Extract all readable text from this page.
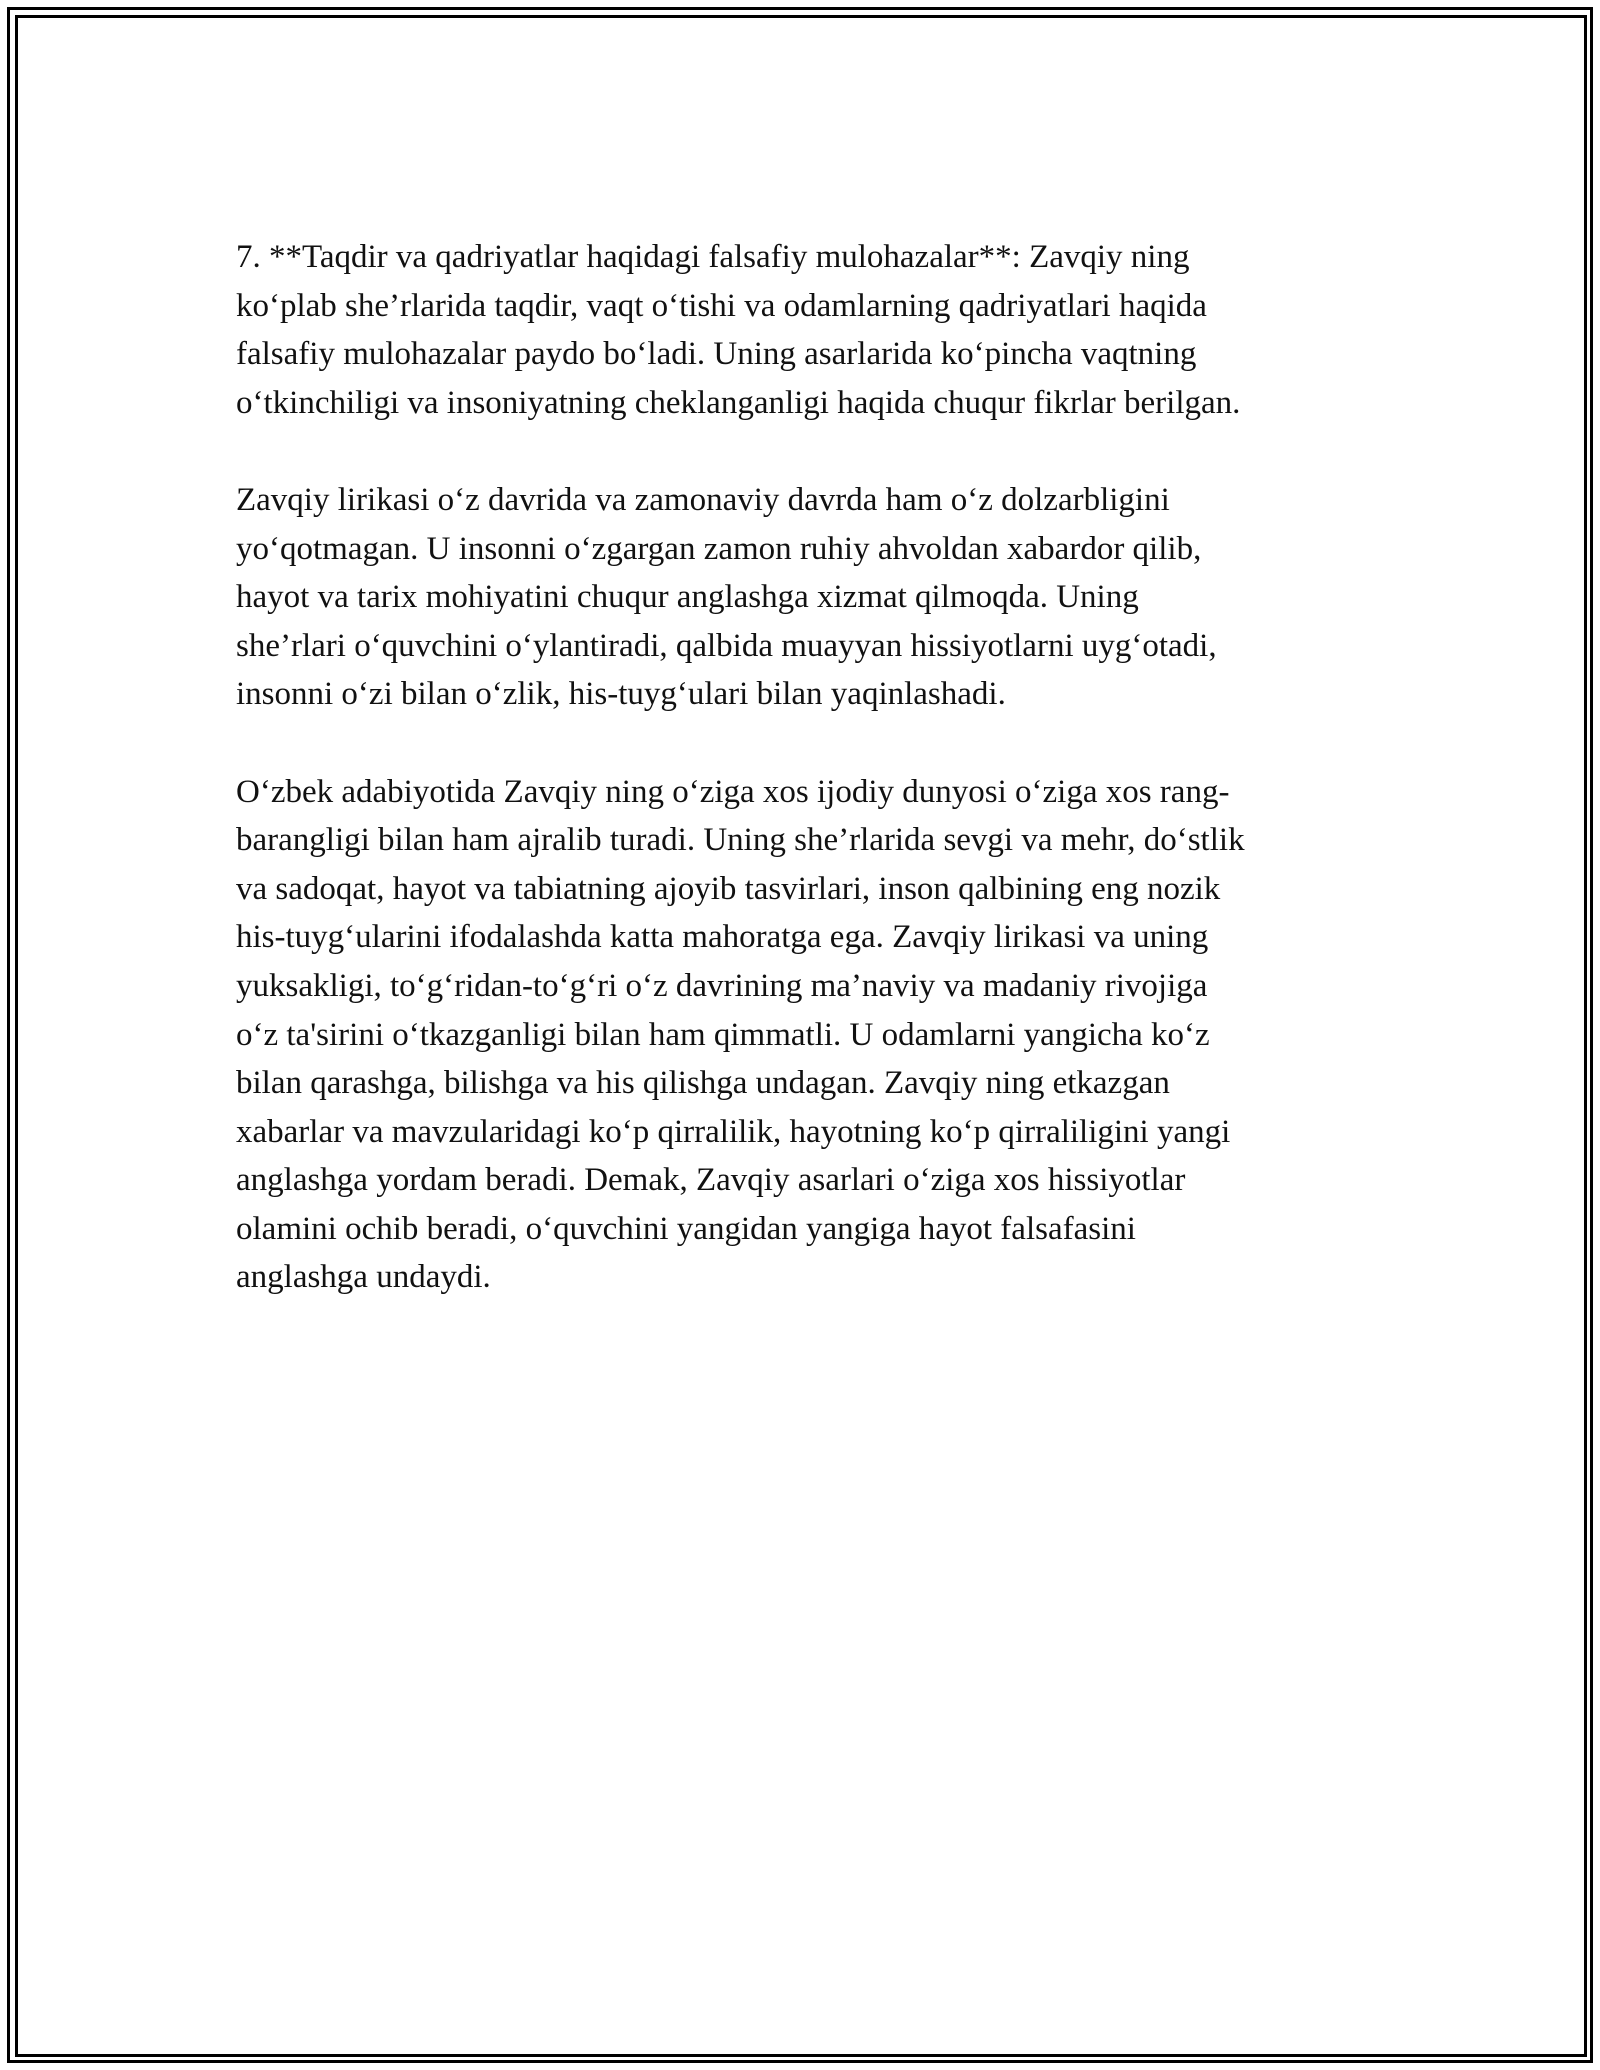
7. **Taqdir va qadriyatlar haqidagi falsafiy mulohazalar**: Zavqiy ning
ko‘plab she’rlarida taqdir, vaqt o‘tishi va odamlarning qadriyatlari haqida
falsafiy mulohazalar paydo bo‘ladi. Uning asarlarida ko‘pincha vaqtning
o‘tkinchiligi va insoniyatning cheklanganligi haqida chuqur fikrlar berilgan.

Zavqiy lirikasi o‘z davrida va zamonaviy davrda ham o‘z dolzarbligini
yo‘qotmagan. U insonni o‘zgargan zamon ruhiy ahvoldan xabardor qilib,
hayot va tarix mohiyatini chuqur anglashga xizmat qilmoqda. Uning
she’rlari o‘quvchini o‘ylantiradi, qalbida muayyan hissiyotlarni uyg‘otadi,
insonni o‘zi bilan o‘zlik, his-tuyg‘ulari bilan yaqinlashadi.

O‘zbek adabiyotida Zavqiy ning o‘ziga xos ijodiy dunyosi o‘ziga xos rang-
barangligi bilan ham ajralib turadi. Uning she’rlarida sevgi va mehr, do‘stlik
va sadoqat, hayot va tabiatning ajoyib tasvirlari, inson qalbining eng nozik
his-tuyg‘ularini ifodalashda katta mahoratga ega. Zavqiy lirikasi va uning
yuksakligi, to‘g‘ridan-to‘g‘ri o‘z davrining ma’naviy va madaniy rivojiga
o‘z ta'sirini o‘tkazganligi bilan ham qimmatli. U odamlarni yangicha ko‘z
bilan qarashga, bilishga va his qilishga undagan. Zavqiy ning etkazgan
xabarlar va mavzularidagi ko‘p qirralilik, hayotning ko‘p qirraliligini yangi
anglashga yordam beradi. Demak, Zavqiy asarlari o‘ziga xos hissiyotlar
olamini ochib beradi, o‘quvchini yangidan yangiga hayot falsafasini
anglashga undaydi.
